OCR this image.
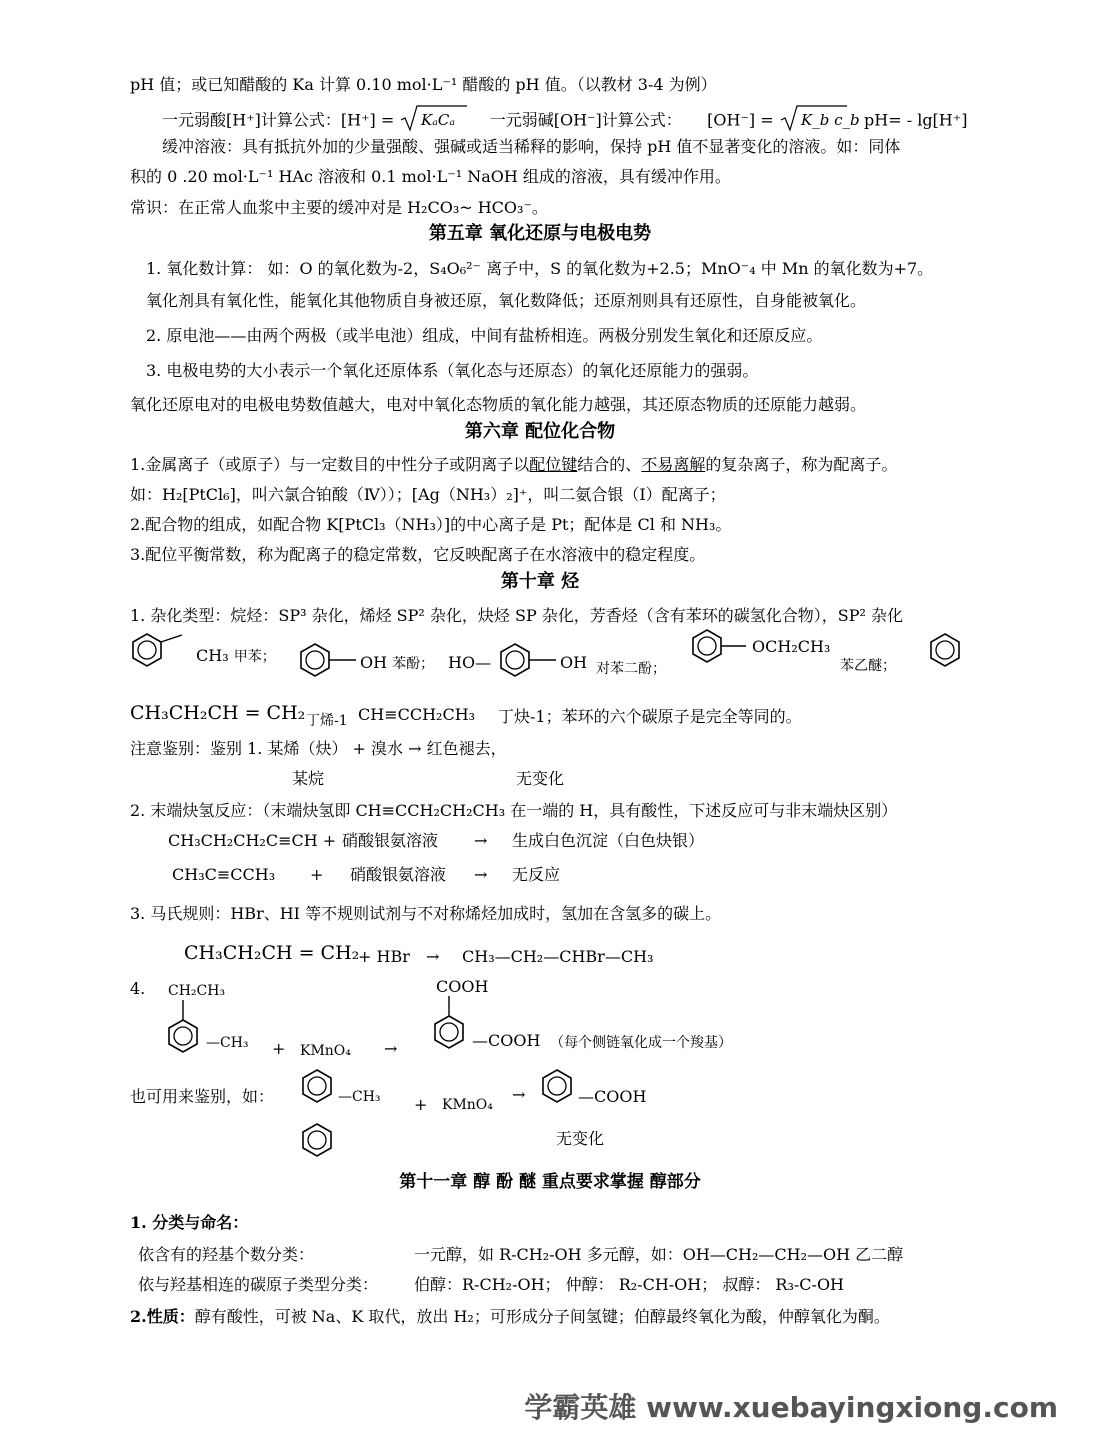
pH 值；或已知醋酸的 Ka 计算 0.10 mol·L⁻¹ 醋酸的 pH 值。（以教材 3-4 为例）
一元弱酸[H⁺]计算公式：[H⁺] = KₐCₐ 一元弱碱[OH⁻]计算公式： [OH⁻] = K_b c_b pH= - lg[H⁺]
缓冲溶液：具有抵抗外加的少量强酸、强碱或适当稀释的影响，保持 pH 值不显著变化的溶液。如：同体
积的 0 .20 mol·L⁻¹ HAc 溶液和 0.1 mol·L⁻¹ NaOH 组成的溶液，具有缓冲作用。
常识：在正常人血浆中主要的缓冲对是 H₂CO₃~ HCO₃⁻。
第五章 氧化还原与电极电势
1. 氧化数计算： 如：O 的氧化数为-2，S₄O₆²⁻ 离子中，S 的氧化数为+2.5；MnO⁻₄ 中 Mn 的氧化数为+7。
氧化剂具有氧化性，能氧化其他物质自身被还原，氧化数降低；还原剂则具有还原性，自身能被氧化。
2. 原电池——由两个两极（或半电池）组成，中间有盐桥相连。两极分别发生氧化和还原反应。
3. 电极电势的大小表示一个氧化还原体系（氧化态与还原态）的氧化还原能力的强弱。
氧化还原电对的电极电势数值越大，电对中氧化态物质的氧化能力越强，其还原态物质的还原能力越弱。
第六章 配位化合物
1.金属离子（或原子）与一定数目的中性分子或阴离子以配位键结合的、不易离解的复杂离子，称为配离子。
如：H₂[PtCl₆]，叫六氯合铂酸（Ⅳ））；[Ag（NH₃）₂]⁺，叫二氨合银（Ⅰ）配离子；
2.配合物的组成，如配合物 K[PtCl₃（NH₃）]的中心离子是 Pt；配体是 Cl 和 NH₃。
3.配位平衡常数，称为配离子的稳定常数，它反映配离子在水溶液中的稳定程度。
第十章 烃
1. 杂化类型：烷烃：SP³ 杂化，烯烃 SP² 杂化，炔烃 SP 杂化，芳香烃（含有苯环的碳氢化合物），SP² 杂化
CH₃ 甲苯；	OH 苯酚； HO—	OH 对苯二酚；
OCH₂CH₃
苯乙醚；
CH₃CH₂CH = CH₂ 丁烯-1 CH≡CCH₂CH₃ 丁炔-1；苯环的六个碳原子是完全等同的。
注意鉴别：鉴别 1. 某烯（炔） + 溴水 → 红色褪去，
某烷	无变化
2. 末端炔氢反应：（末端炔氢即 CH≡CCH₂CH₂CH₃ 在一端的 H，具有酸性，下述反应可与非末端炔区别）
CH₃CH₂CH₂C≡CH + 硝酸银氨溶液 → 生成白色沉淀（白色炔银）
CH₃C≡CCH₃ + 硝酸银氨溶液 → 无反应
3. 马氏规则：HBr、HI 等不规则试剂与不对称烯烃加成时，氢加在含氢多的碳上。
CH₃CH₂CH = CH₂
+ HBr → CH₃—CH₂—CHBr—CH₃
4. CH₂CH₃
—CH₃ + KMnO₄ →
COOH
—COOH （每个侧链氧化成一个羧基）
也可用来鉴别，如：	—CH₃ + KMnO₄
→	—COOH
无变化
第十一章 醇 酚 醚 重点要求掌握 醇部分
1. 分类与命名：
依含有的羟基个数分类：	一元醇，如 R-CH₂-OH 多元醇，如：OH—CH₂—CH₂—OH 乙二醇
依与羟基相连的碳原子类型分类： 伯醇：R-CH₂-OH； 仲醇： R₂-CH-OH； 叔醇： R₃-C-OH
2.性质：醇有酸性，可被 Na、K 取代，放出 H₂；可形成分子间氢键；伯醇最终氧化为酸，仲醇氧化为酮。
学霸英雄 www.xuebayingxiong.com
